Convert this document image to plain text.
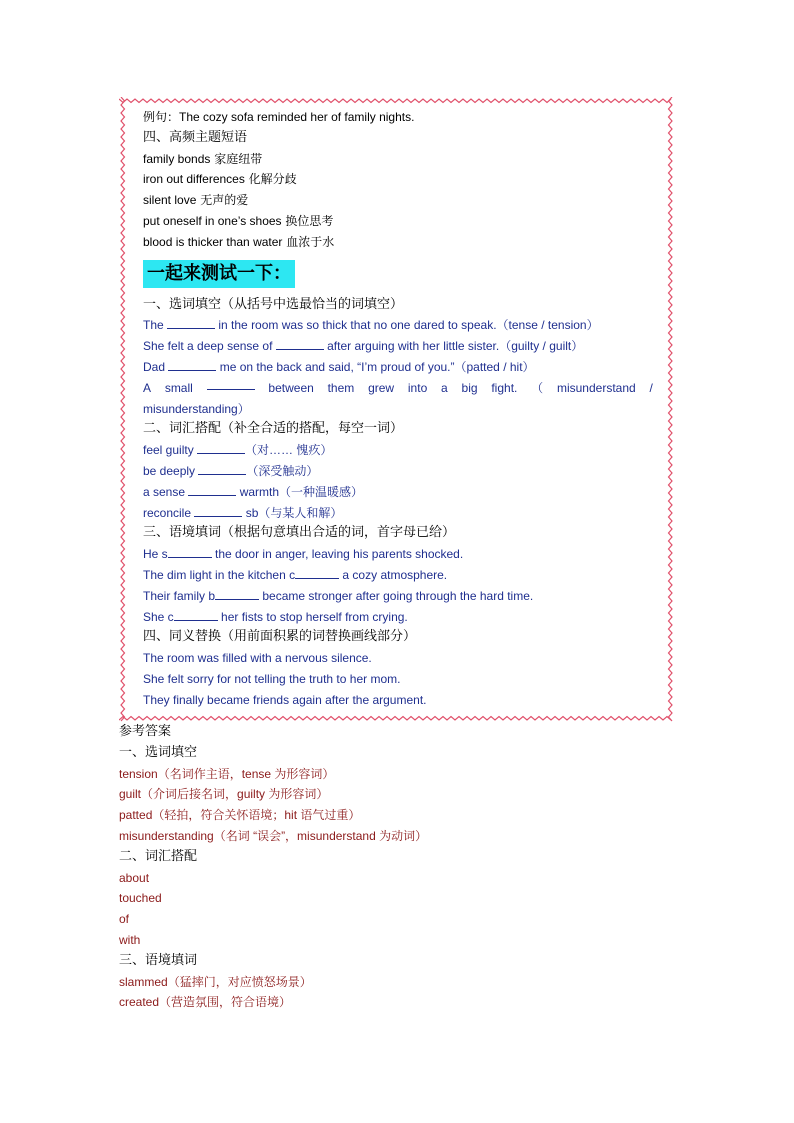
例句：The cozy sofa reminded her of family nights.
四、高频主题短语
family bonds 家庭纽带
iron out differences 化解分歧
silent love 无声的爱
put oneself in one’s shoes 换位思考
blood is thicker than water 血浓于水
一起来测试一下：
一、选词填空（从括号中选最恰当的词填空）
The	in the room was so thick that no one dared to speak.（tense / tension）
She felt a deep sense of	after arguing with her little sister.（guilty / guilt）
Dad	me on the back and said, “I’m proud of you.”（patted / hit）
A small	between them grew into a big fight. （ misunderstand /
misunderstanding）
二、词汇搭配（补全合适的搭配，每空一词）
feel guilty	（对…… 愧疚）
be deeply	（深受触动）
a sense	warmth（一种温暖感）
reconcile	sb（与某人和解）
三、语境填词（根据句意填出合适的词，首字母已给）
He s	the door in anger, leaving his parents shocked.
The dim light in the kitchen c	a cozy atmosphere.
Their family b	became stronger after going through the hard time.
She c	her fists to stop herself from crying.
四、同义替换（用前面积累的词替换画线部分）
The room was filled with a nervous silence.
She felt sorry for not telling the truth to her mom.
They finally became friends again after the argument.
参考答案
一、选词填空
tension（名词作主语，tense 为形容词）
guilt（介词后接名词，guilty 为形容词）
patted（轻拍，符合关怀语境；hit 语气过重）
misunderstanding（名词 “误会”，misunderstand 为动词）
二、词汇搭配
about
touched
of
with
三、语境填词
slammed（猛摔门，对应愤怒场景）
created（营造氛围，符合语境）
